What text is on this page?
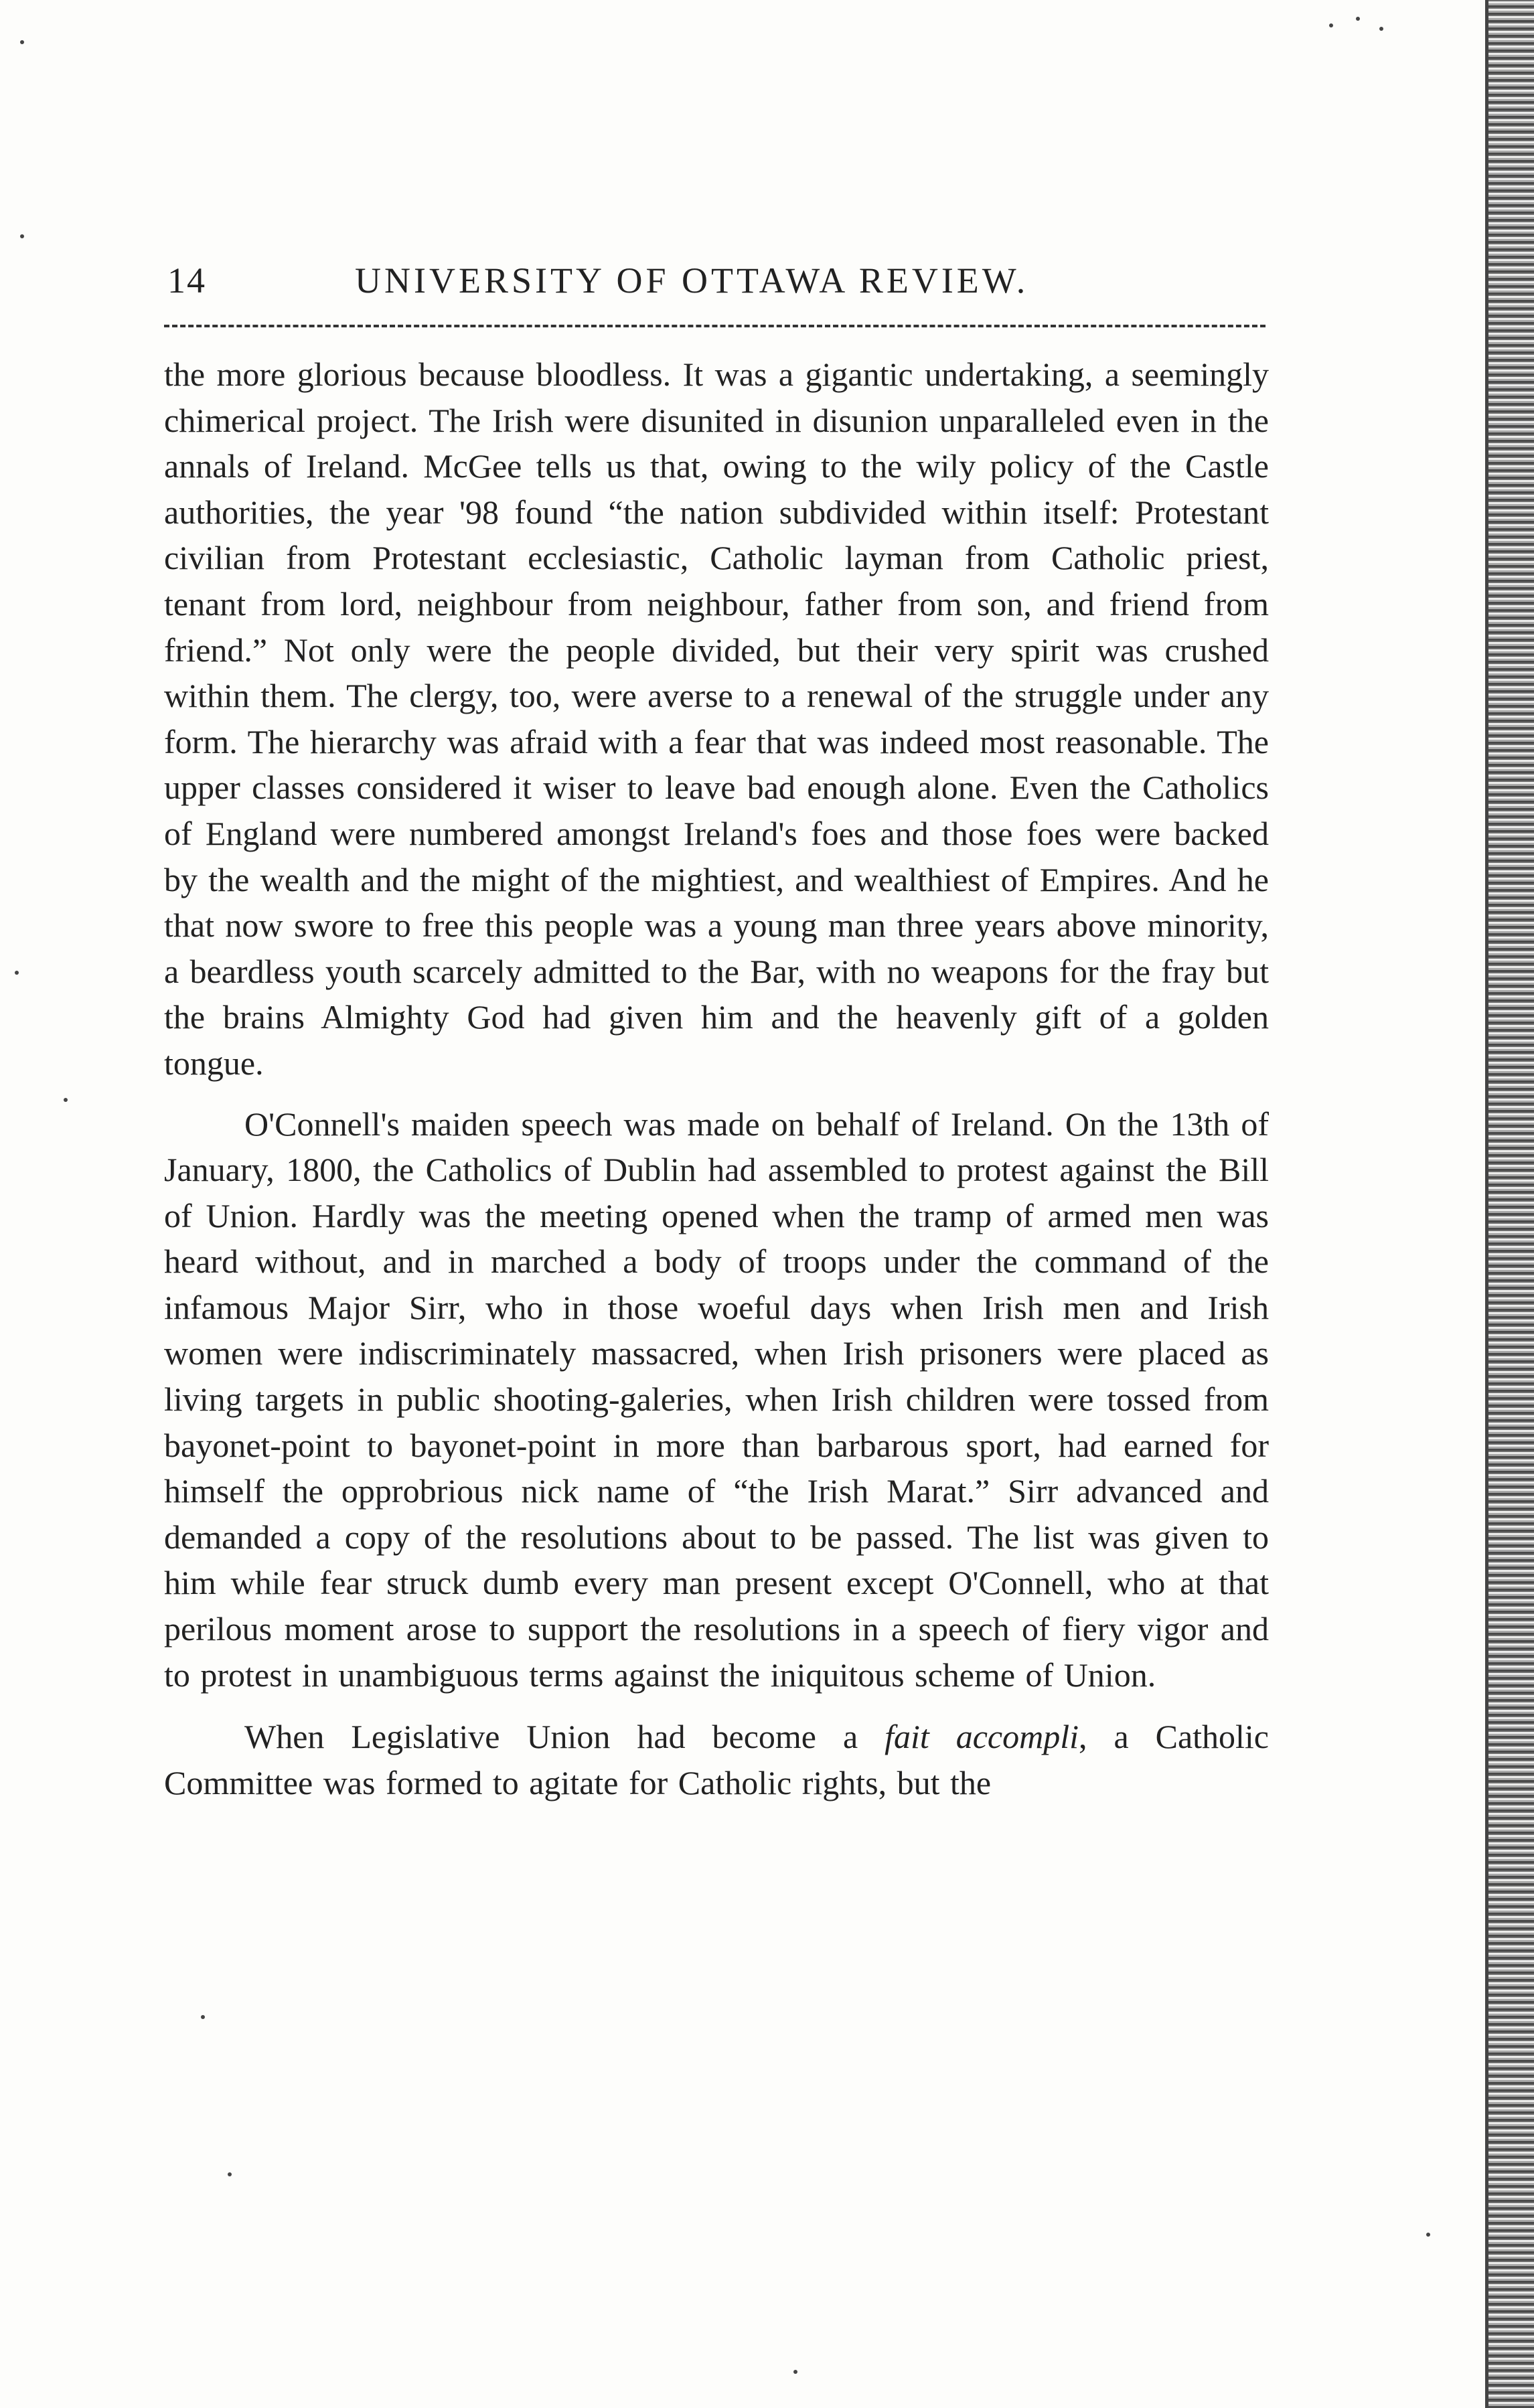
14	UNIVERSITY OF OTTAWA REVIEW.

the more glorious because bloodless. It was a gigantic undertaking, a seemingly chimerical project. The Irish were disunited in disunion unparalleled even in the annals of Ireland. McGee tells us that, owing to the wily policy of the Castle authorities, the year '98 found “the nation subdivided within itself: Protestant civilian from Protestant ecclesiastic, Catholic layman from Catholic priest, tenant from lord, neighbour from neighbour, father from son, and friend from friend.” Not only were the people divided, but their very spirit was crushed within them. The clergy, too, were averse to a renewal of the struggle under any form. The hierarchy was afraid with a fear that was indeed most reasonable. The upper classes considered it wiser to leave bad enough alone. Even the Catholics of England were numbered amongst Ireland's foes and those foes were backed by the wealth and the might of the mightiest, and wealthiest of Empires. And he that now swore to free this people was a young man three years above minority, a beardless youth scarcely admitted to the Bar, with no weapons for the fray but the brains Almighty God had given him and the heavenly gift of a golden tongue.

O'Connell's maiden speech was made on behalf of Ireland. On the 13th of January, 1800, the Catholics of Dublin had assembled to protest against the Bill of Union. Hardly was the meeting opened when the tramp of armed men was heard without, and in marched a body of troops under the command of the infamous Major Sirr, who in those woeful days when Irish men and Irish women were indiscriminately massacred, when Irish prisoners were placed as living targets in public shooting-galeries, when Irish children were tossed from bayonet-point to bayonet-point in more than barbarous sport, had earned for himself the opprobrious nick name of “the Irish Marat.” Sirr advanced and demanded a copy of the resolutions about to be passed. The list was given to him while fear struck dumb every man present except O'Connell, who at that perilous moment arose to support the resolutions in a speech of fiery vigor and to protest in unambiguous terms against the iniquitous scheme of Union.

When Legislative Union had become a fait accompli, a Catholic Committee was formed to agitate for Catholic rights, but the
